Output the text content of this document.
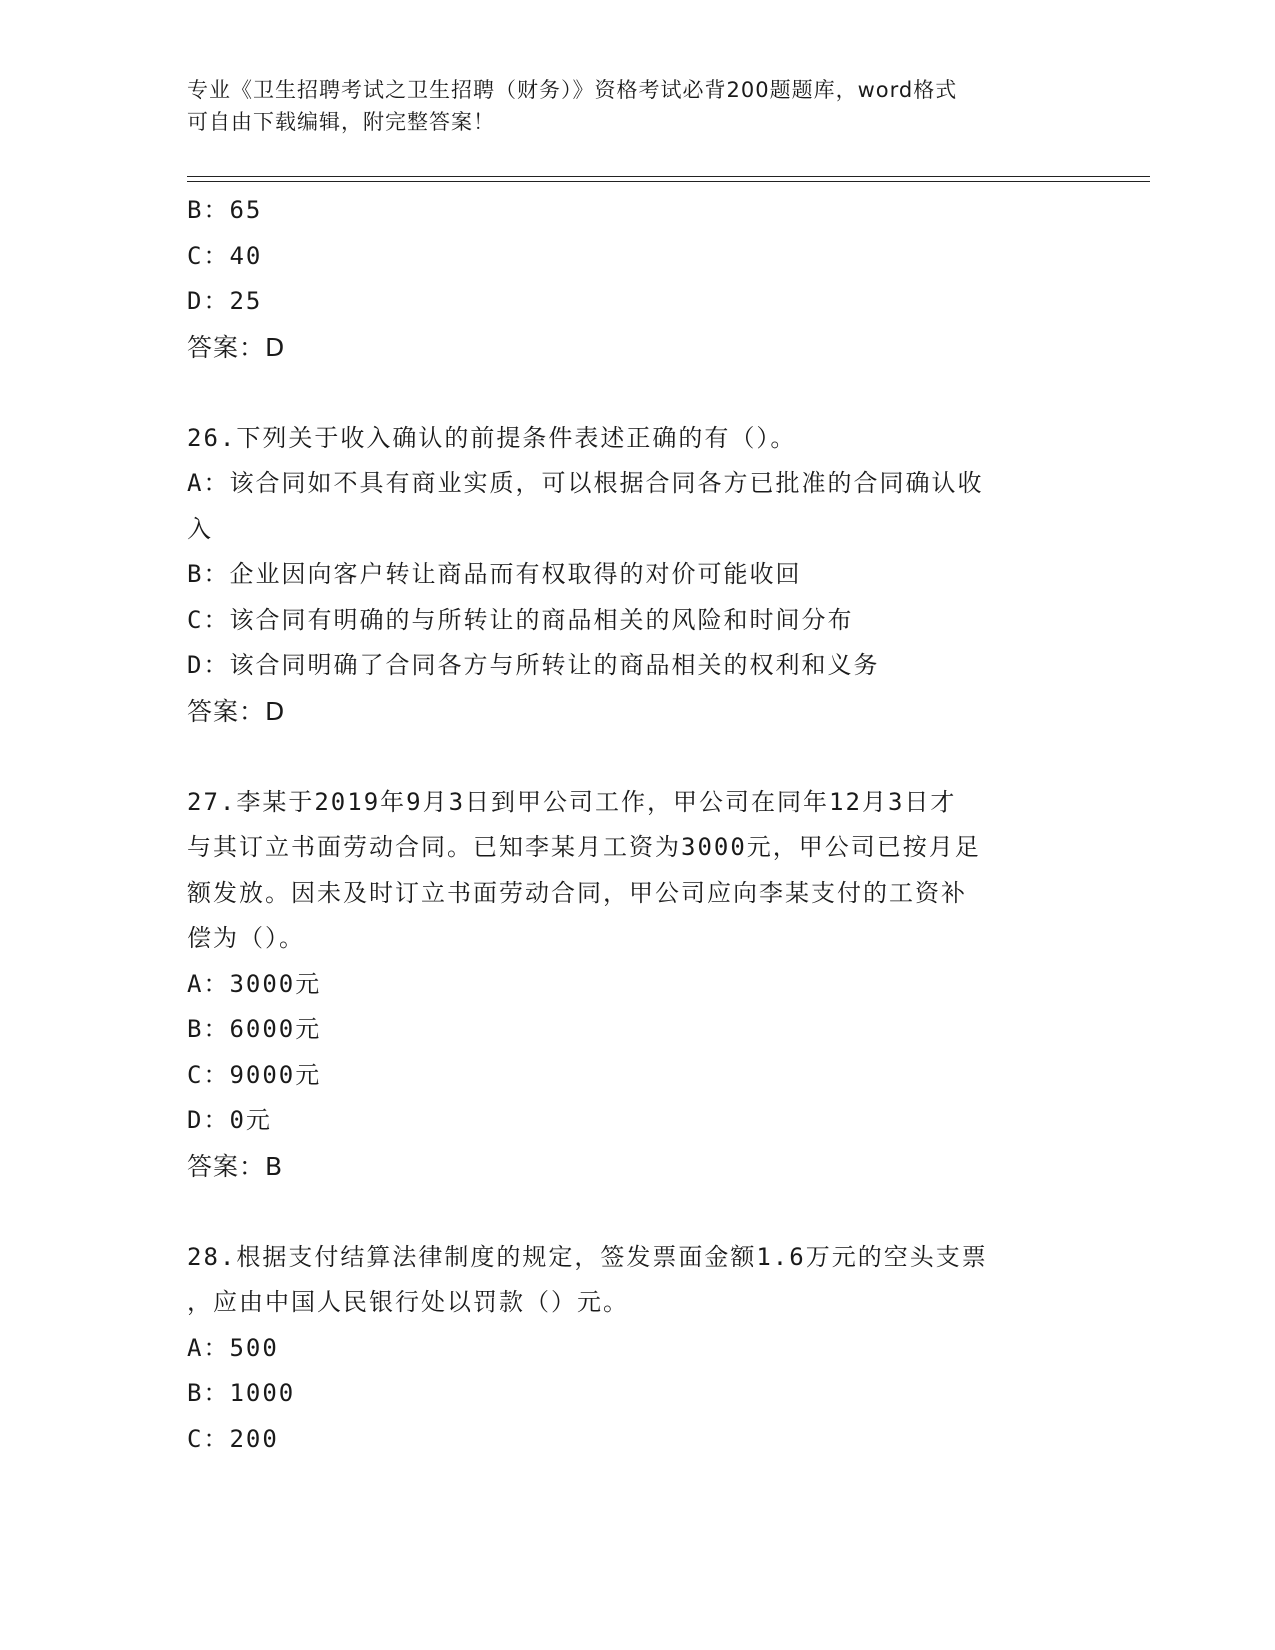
专业《卫生招聘考试之卫生招聘（财务）》资格考试必背200题题库，word格式
可自由下载编辑，附完整答案！
B：65
C：40
D：25
答案：D
26.下列关于收入确认的前提条件表述正确的有（）。
A：该合同如不具有商业实质，可以根据合同各方已批准的合同确认收
入
B：企业因向客户转让商品而有权取得的对价可能收回
C：该合同有明确的与所转让的商品相关的风险和时间分布
D：该合同明确了合同各方与所转让的商品相关的权利和义务
答案：D
27.李某于2019年9月3日到甲公司工作，甲公司在同年12月3日才
与其订立书面劳动合同。已知李某月工资为3000元，甲公司已按月足
额发放。因未及时订立书面劳动合同，甲公司应向李某支付的工资补
偿为（）。
A：3000元
B：6000元
C：9000元
D：0元
答案：B
28.根据支付结算法律制度的规定，签发票面金额1.6万元的空头支票
，应由中国人民银行处以罚款（）元。
A：500
B：1000
C：200
